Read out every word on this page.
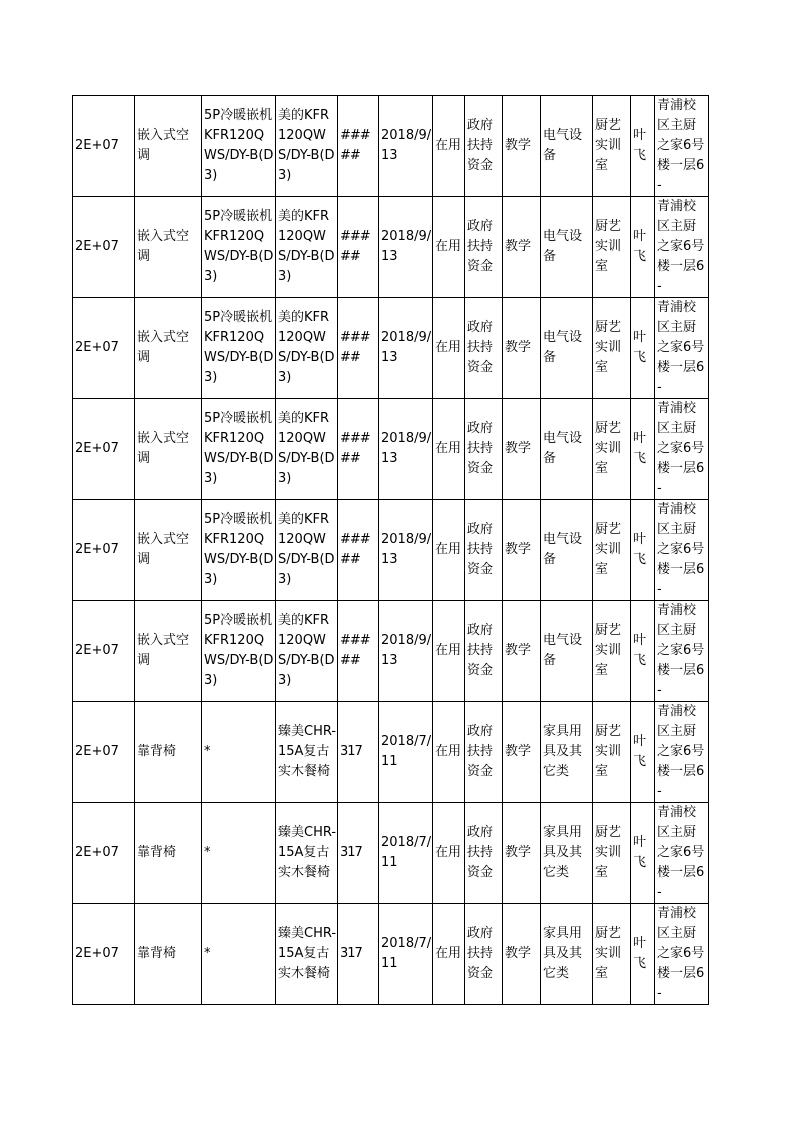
2E+07	嵌入式空调	5P冷暖嵌机KFR120QWS/DY-B(D3)	美的KFR120QWS/DY-B(D3)	#####	2018/9/13	在用	政府扶持资金	教学	电气设备	厨艺实训室	叶飞	青浦校区主厨之家6号楼一层6-
2E+07	嵌入式空调	5P冷暖嵌机KFR120QWS/DY-B(D3)	美的KFR120QWS/DY-B(D3)	#####	2018/9/13	在用	政府扶持资金	教学	电气设备	厨艺实训室	叶飞	青浦校区主厨之家6号楼一层6-
2E+07	嵌入式空调	5P冷暖嵌机KFR120QWS/DY-B(D3)	美的KFR120QWS/DY-B(D3)	#####	2018/9/13	在用	政府扶持资金	教学	电气设备	厨艺实训室	叶飞	青浦校区主厨之家6号楼一层6-
2E+07	嵌入式空调	5P冷暖嵌机KFR120QWS/DY-B(D3)	美的KFR120QWS/DY-B(D3)	#####	2018/9/13	在用	政府扶持资金	教学	电气设备	厨艺实训室	叶飞	青浦校区主厨之家6号楼一层6-
2E+07	嵌入式空调	5P冷暖嵌机KFR120QWS/DY-B(D3)	美的KFR120QWS/DY-B(D3)	#####	2018/9/13	在用	政府扶持资金	教学	电气设备	厨艺实训室	叶飞	青浦校区主厨之家6号楼一层6-
2E+07	嵌入式空调	5P冷暖嵌机KFR120QWS/DY-B(D3)	美的KFR120QWS/DY-B(D3)	#####	2018/9/13	在用	政府扶持资金	教学	电气设备	厨艺实训室	叶飞	青浦校区主厨之家6号楼一层6-
2E+07	靠背椅	*	臻美CHR-15A复古实木餐椅	317	2018/7/11	在用	政府扶持资金	教学	家具用具及其它类	厨艺实训室	叶飞	青浦校区主厨之家6号楼一层6-
2E+07	靠背椅	*	臻美CHR-15A复古实木餐椅	317	2018/7/11	在用	政府扶持资金	教学	家具用具及其它类	厨艺实训室	叶飞	青浦校区主厨之家6号楼一层6-
2E+07	靠背椅	*	臻美CHR-15A复古实木餐椅	317	2018/7/11	在用	政府扶持资金	教学	家具用具及其它类	厨艺实训室	叶飞	青浦校区主厨之家6号楼一层6-
